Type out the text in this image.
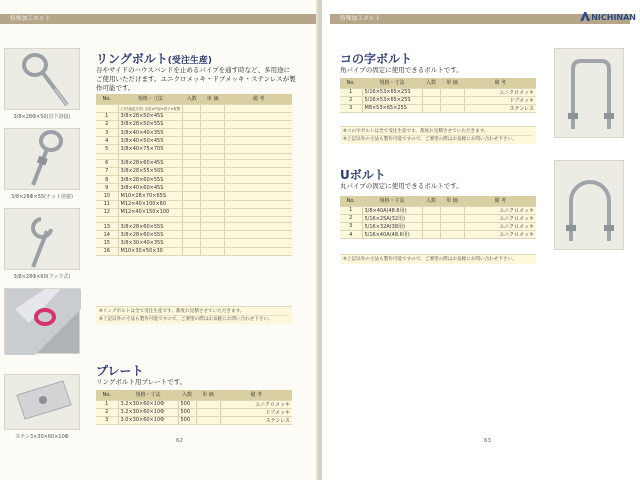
特殊加工ボルト
3/8×28Φ×50(首下溶接)
3/8×28Φ×55(ナット溶接)
3/8×28Φ×60(フック式)
ステン3×30×60×10Φ
リングボルト(受注生産)
谷やサイドのハウスバンドを止めるパイプを通す時など、多用途にご使用いただけます。ユニクロメッキ・ドブメッキ・ステンレスが製作可能です。
No.	規格・寸法	入数	単 価	備 考
	(寸法表記方法) 全長×内径×首下×材質			
1	3/8×28×50×45S			
2	3/8×28×50×55S			
3	3/8×40×40×35S			
4	3/8×40×50×45S			
5	3/8×40×75×70S			

6	3/8×28×60×45S			
7	3/8×28×55×50S			
8	3/8×28×60×55S			
9	3/8×40×60×45S			
10	M10×28×70×65S			
11	M12×40×100×60			
12	M12×40×150×100			

13	3/8×28×60×55S			
14	3/8×28×60×55S			
15	3/8×30×40×35S			
16	M10×30×50×30			
※リングボルトは全て受注生産です。都度お見積させていただきます。
※上記以外の寸法も製作可能ですので、ご要望の際はお気軽にお問い合わせ下さい。
プレート
リングボルト用プレートです。
No.	規格・寸法	入数	単 価	備 考
1	3.2×30×60×10Φ	500		ユニクロメッキ
2	3.2×30×60×10Φ	500		ドブメッキ
3	3.0×30×60×10Φ	500		ステンレス
62
特殊加工ボルト	NICHINAN
コの字ボルト
角パイプの固定に使用できるボルトです。
No.	規格・寸法	入数	単 価	備 考
1	5/16×53×65×25S			ユニクロメッキ
2	5/16×53×65×25S			ドブメッキ
3	M8×53×65×25S			ステンレス
※コの字ボルトは全て受注生産です。都度お見積させていただきます。
※上記以外の寸法も製作可能ですので、ご要望の際はお気軽にお問い合わせ下さい。
Uボルト
丸パイプの固定に使用できるボルトです。
No.	規格・寸法	入数	単 価	備 考
1	3/8×40A(48.6用)			ユニクロメッキ
2	5/16×25A(32用)			ユニクロメッキ
3	5/16×32A(38用)			ユニクロメッキ
4	5/16×40A(48.6用)			ユニクロメッキ
※上記以外の寸法も製作可能ですので、ご要望の際はお気軽にお問い合わせ下さい。
63
